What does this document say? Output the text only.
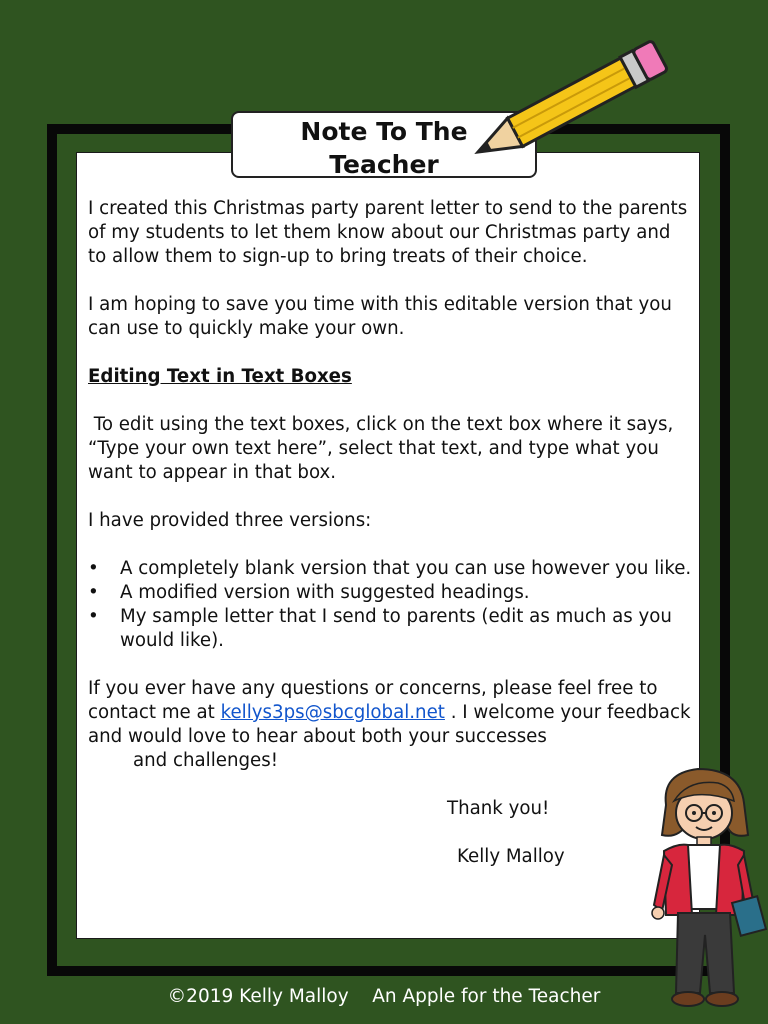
Note To The
Teacher

I created this Christmas party parent letter to send to the parents of my students to let them know about our Christmas party and to allow them to sign-up to bring treats of their choice.

I am hoping to save you time with this editable version that you can use to quickly make your own.

Editing Text in Text Boxes

To edit using the text boxes, click on the text box where it says, “Type your own text here”, select that text, and type what you want to appear in that box.

I have provided three versions:

• A completely blank version that you can use however you like.
• A modified version with suggested headings.
• My sample letter that I send to parents (edit as much as you would like).

If you ever have any questions or concerns, please feel free to contact me at kellys3ps@sbcglobal.net . I welcome your feedback and would love to hear about both your successes

and challenges!

Thank you!

Kelly Malloy

©2019 Kelly Malloy    An Apple for the Teacher
